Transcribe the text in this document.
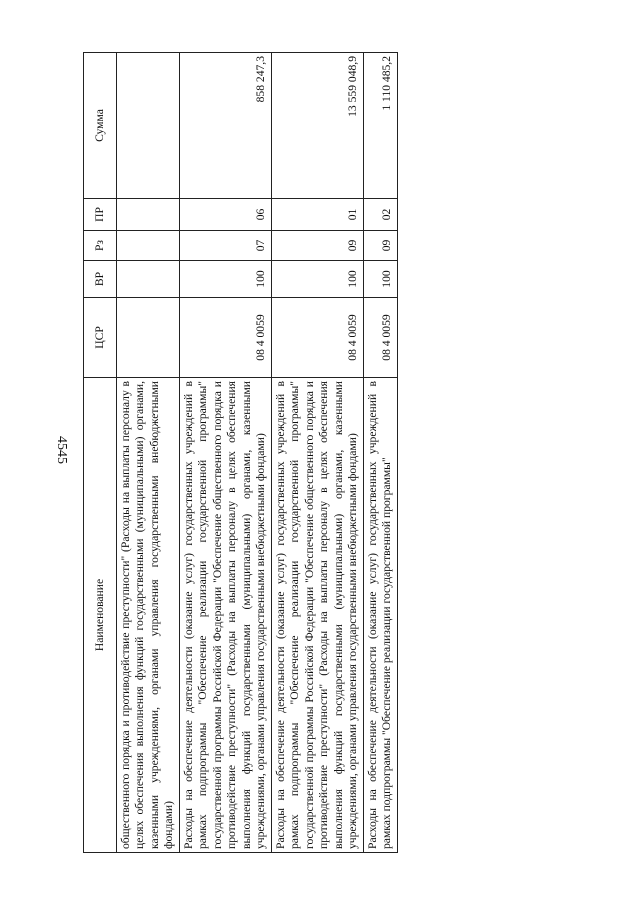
4545
Наименование	ЦСР	ВР	Рз	ПР	Сумма
общественного порядка и противодействие преступности" (Расходы на выплаты персоналу в целях обеспечения выполнения функций государственными (муниципальными) органами, казенными учреждениями, органами управления государственными внебюджетными фондами)					
Расходы на обеспечение деятельности (оказание услуг) государственных учреждений в рамках подпрограммы "Обеспечение реализации государственной программы" государственной программы Российской Федерации "Обеспечение общественного порядка и противодействие преступности" (Расходы на выплаты персоналу в целях обеспечения выполнения функций государственными (муниципальными) органами, казенными учреждениями, органами управления государственными внебюджетными фондами)	08 4 0059	100	07	06	858 247,3
Расходы на обеспечение деятельности (оказание услуг) государственных учреждений в рамках подпрограммы "Обеспечение реализации государственной программы" государственной программы Российской Федерации "Обеспечение общественного порядка и противодействие преступности" (Расходы на выплаты персоналу в целях обеспечения выполнения функций государственными (муниципальными) органами, казенными учреждениями, органами управления государственными внебюджетными фондами)	08 4 0059	100	09	01	13 559 048,9
Расходы на обеспечение деятельности (оказание услуг) государственных учреждений в рамках подпрограммы "Обеспечение реализации государственной программы"	08 4 0059	100	09	02	1 110 485,2
